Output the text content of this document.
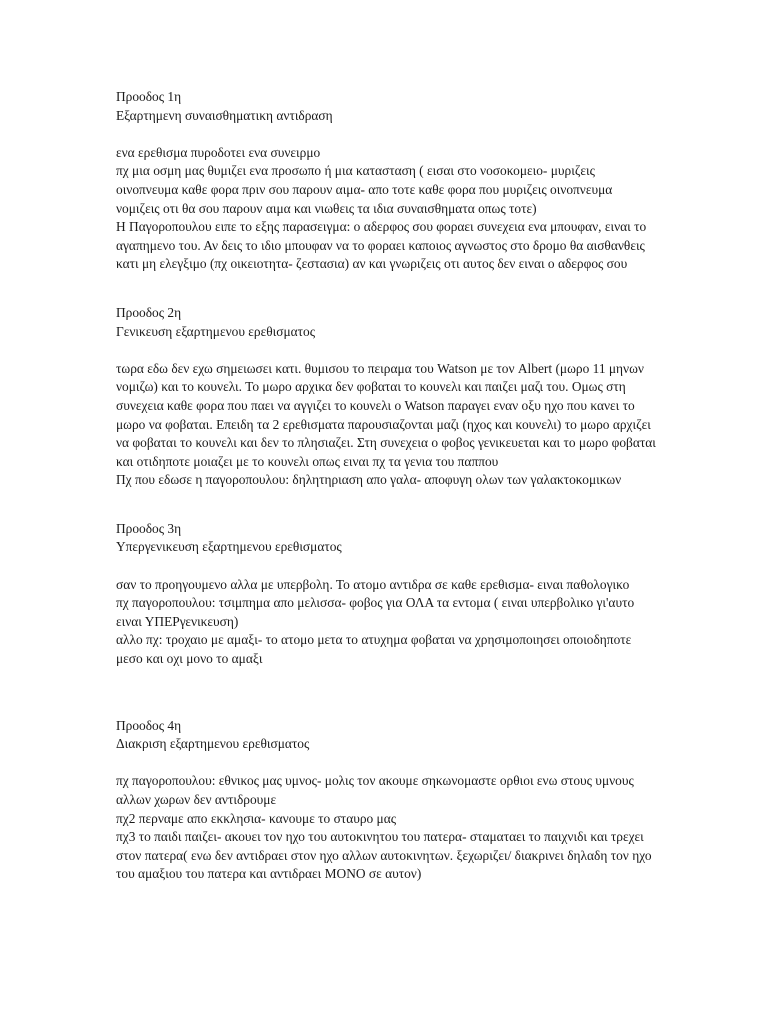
Προοδος 1η

Εξαρτημενη συναισθηματικη αντιδραση

ενα ερεθισμα πυροδοτει ενα συνειρμο

πχ μια οσμη μας θυμιζει ενα προσωπο ή μια κατασταση ( εισαι στο νοσοκομειο- μυριζεις οινοπνευμα καθε φορα πριν σου παρουν αιμα- απο τοτε καθε φορα που μυριζεις οινοπνευμα νομιζεις οτι θα σου παρουν αιμα και νιωθεις τα ιδια συναισθηματα οπως τοτε)

Η Παγοροπουλου ειπε το εξης παρασειγμα: ο αδερφος σου φοραει συνεχεια ενα μπουφαν, ειναι το αγαπημενο του. Αν δεις το ιδιο μπουφαν να το φοραει καποιος αγνωστος στο δρομο θα αισθανθεις κατι μη ελεγξιμο (πχ οικειοτητα- ζεστασια) αν και γνωριζεις οτι αυτος δεν ειναι ο αδερφος σου

Προοδος 2η

Γενικευση εξαρτημενου ερεθισματος

τωρα εδω δεν εχω σημειωσει κατι. θυμισου το πειραμα του Watson με τον Albert (μωρο 11 μηνων νομιζω) και το κουνελι. Το μωρο αρχικα δεν φοβαται το κουνελι και παιζει μαζι του. Ομως στη συνεχεια καθε φορα που παει να αγγιζει το κουνελι ο Watson παραγει εναν οξυ ηχο που κανει το μωρο να φοβαται. Επειδη τα 2 ερεθισματα παρουσιαζονται μαζι (ηχος και κουνελι) το μωρο αρχιζει να φοβαται το κουνελι και δεν το πλησιαζει. Στη συνεχεια ο φοβος γενικευεται και το μωρο φοβαται και οτιδηποτε μοιαζει με το κουνελι οπως ειναι πχ τα γενια του παππου

Πχ που εδωσε η παγοροπουλου: δηλητηριαση απο γαλα- αποφυγη ολων των γαλακτοκομικων

Προοδος 3η

Υπεργενικευση εξαρτημενου ερεθισματος

σαν το προηγουμενο αλλα με υπερβολη. Το ατομο αντιδρα σε καθε ερεθισμα- ειναι παθολογικο

πχ παγοροπουλου: τσιμπημα απο μελισσα- φοβος για ΟΛΑ τα εντομα ( ειναι υπερβολικο γι'αυτο ειναι ΥΠΕΡγενικευση)

αλλο πχ: τροχαιο με αμαξι- το ατομο μετα το ατυχημα φοβαται να χρησιμοποιησει οποιοδηποτε μεσο και οχι μονο το αμαξι

Προοδος 4η

Διακριση εξαρτημενου ερεθισματος

πχ παγοροπουλου: εθνικος μας υμνος- μολις τον ακουμε σηκωνομαστε ορθιοι ενω στους υμνους αλλων χωρων δεν αντιδρουμε

πχ2 περναμε απο εκκλησια- κανουμε το σταυρο μας

πχ3 το παιδι παιζει- ακουει τον ηχο του αυτοκινητου του πατερα- σταματαει το παιχνιδι και τρεχει στον πατερα( ενω δεν αντιδραει στον ηχο αλλων αυτοκινητων. ξεχωριζει/ διακρινει δηλαδη τον ηχο του αμαξιου του πατερα και αντιδραει ΜΟΝΟ σε αυτον)
